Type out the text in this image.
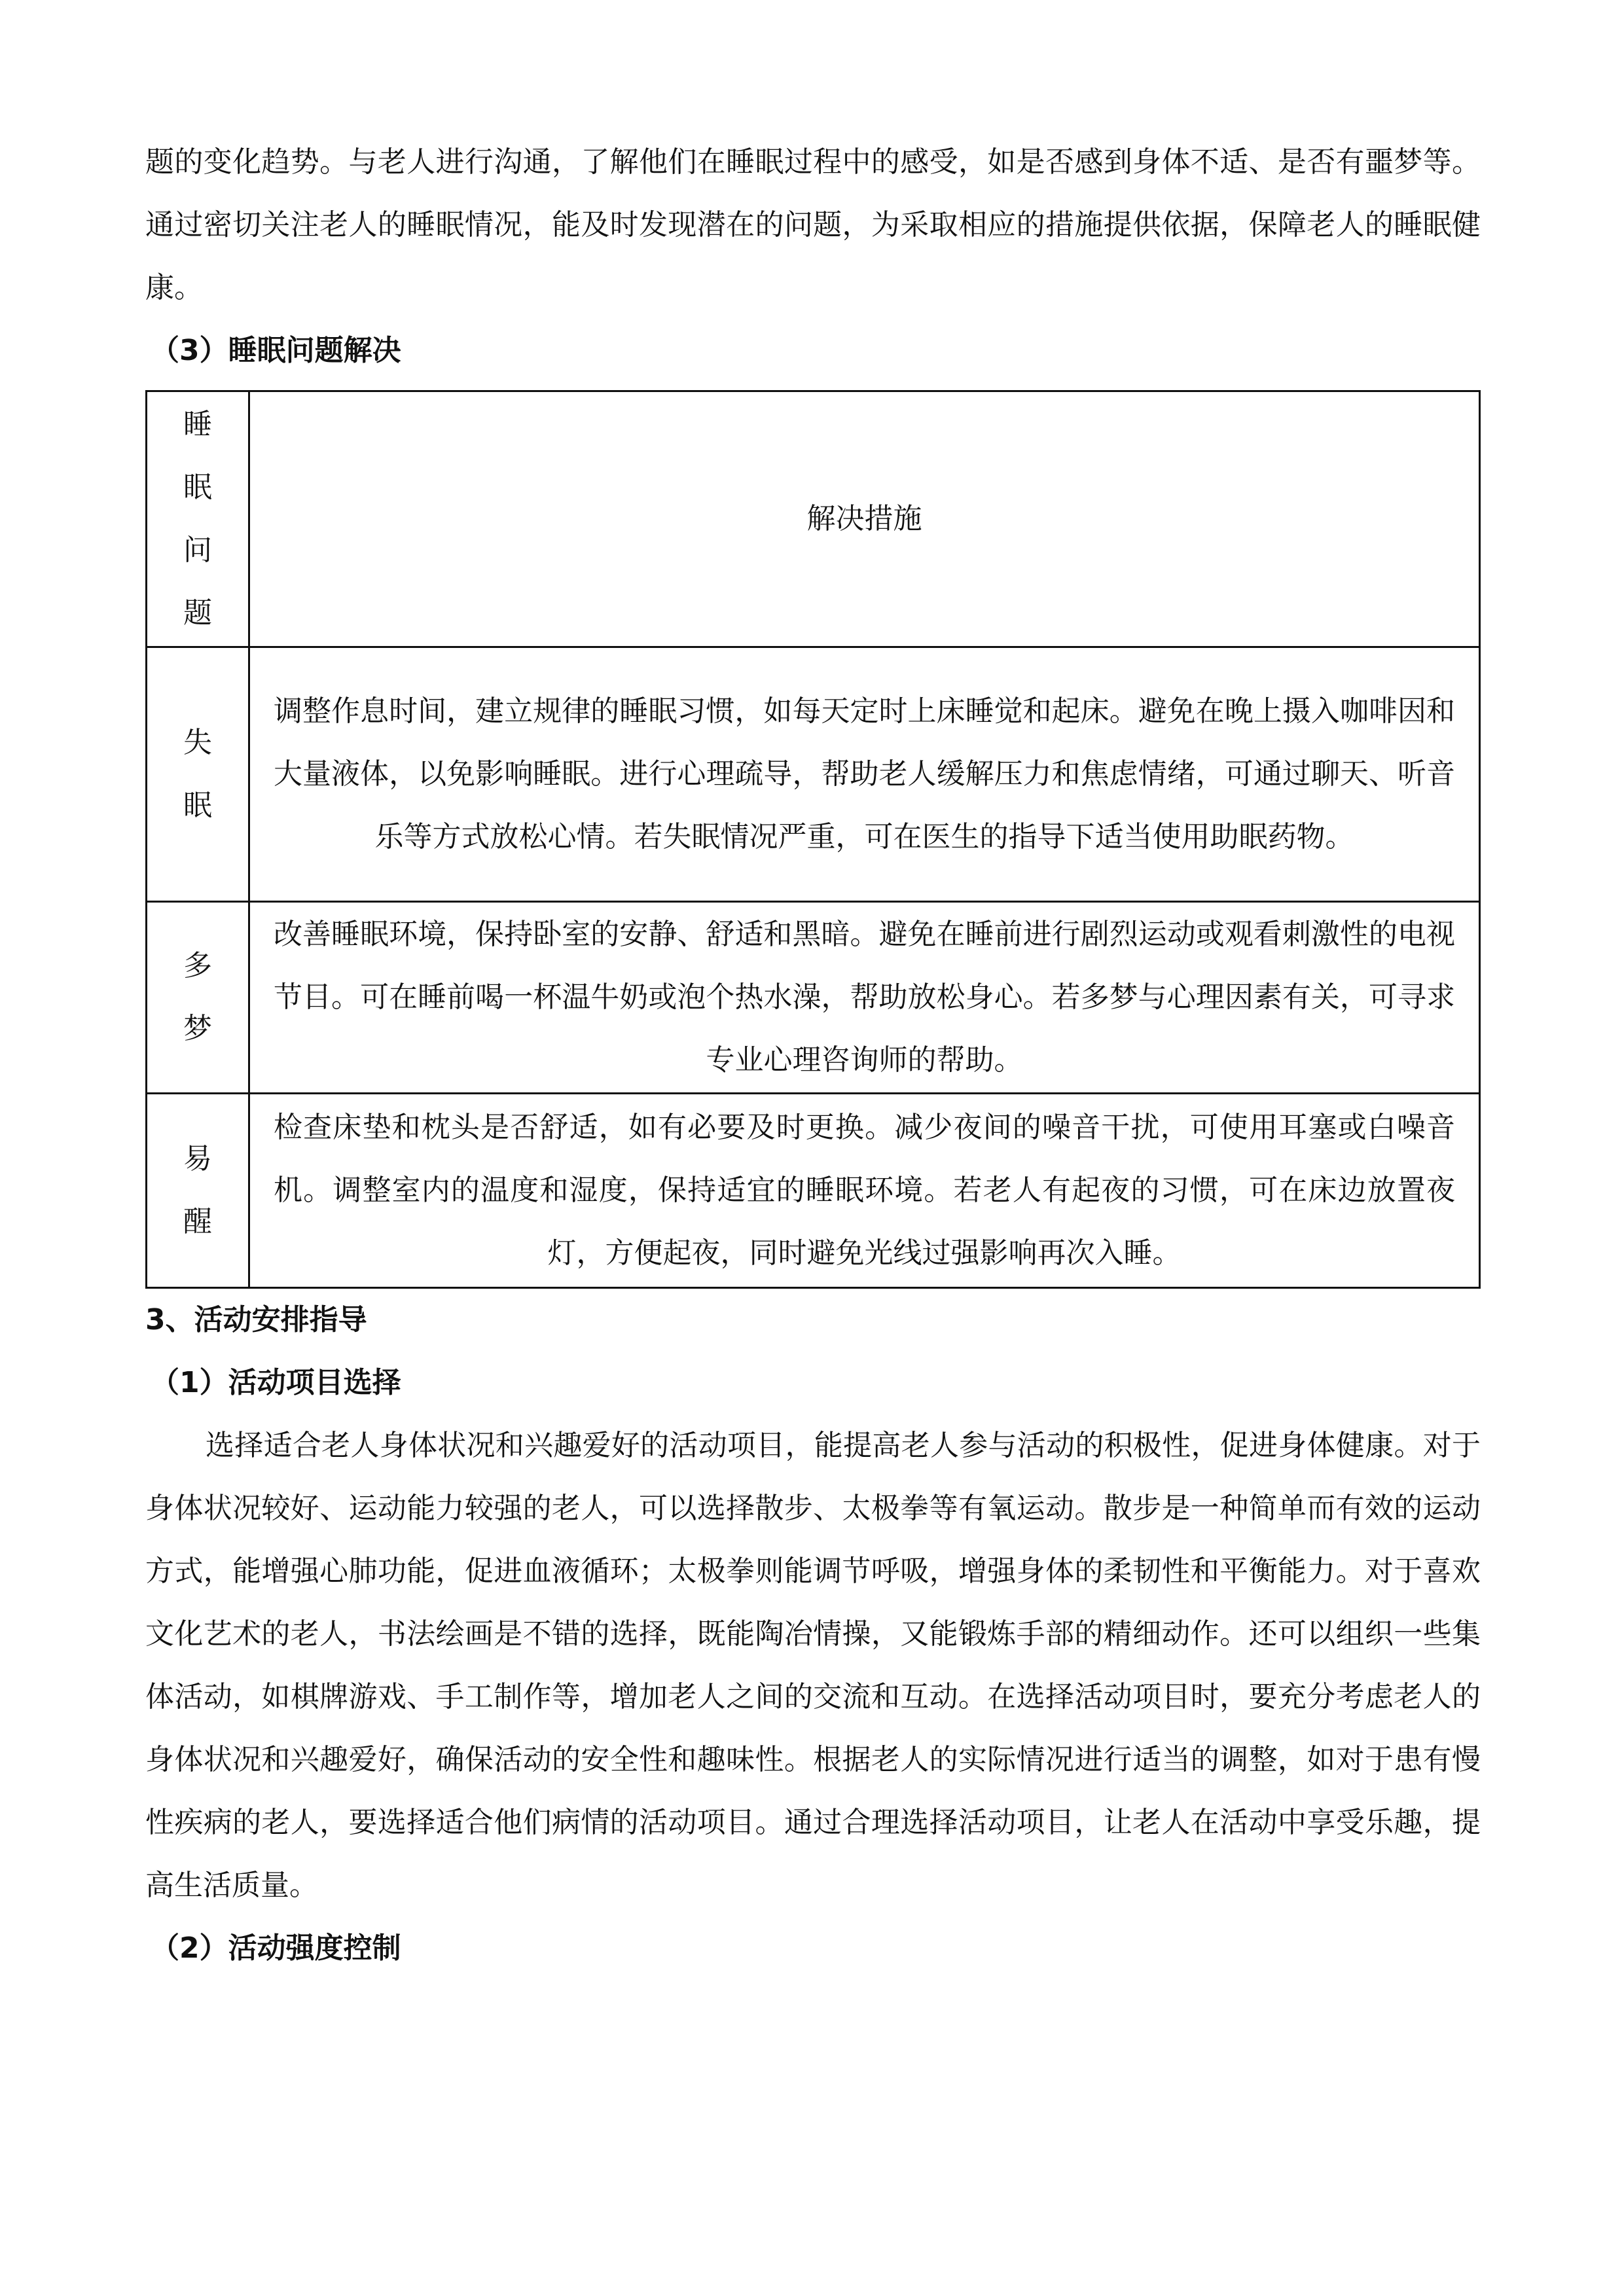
题的变化趋势。与老人进行沟通，了解他们在睡眠过程中的感受，如是否感到身体不适、是否有噩梦等。通过密切关注老人的睡眠情况，能及时发现潜在的问题，为采取相应的措施提供依据，保障老人的睡眠健康。

（3）睡眠问题解决

睡
眠
问
题	解决措施

失
眠	调整作息时间，建立规律的睡眠习惯，如每天定时上床睡觉和起床。避免在晚上摄入咖啡因和大量液体，以免影响睡眠。进行心理疏导，帮助老人缓解压力和焦虑情绪，可通过聊天、听音乐等方式放松心情。若失眠情况严重，可在医生的指导下适当使用助眠药物。

多
梦	改善睡眠环境，保持卧室的安静、舒适和黑暗。避免在睡前进行剧烈运动或观看刺激性的电视节目。可在睡前喝一杯温牛奶或泡个热水澡，帮助放松身心。若多梦与心理因素有关，可寻求专业心理咨询师的帮助。

易
醒	检查床垫和枕头是否舒适，如有必要及时更换。减少夜间的噪音干扰，可使用耳塞或白噪音机。调整室内的温度和湿度，保持适宜的睡眠环境。若老人有起夜的习惯，可在床边放置夜灯，方便起夜，同时避免光线过强影响再次入睡。

3、活动安排指导

（1）活动项目选择

选择适合老人身体状况和兴趣爱好的活动项目，能提高老人参与活动的积极性，促进身体健康。对于身体状况较好、运动能力较强的老人，可以选择散步、太极拳等有氧运动。散步是一种简单而有效的运动方式，能增强心肺功能，促进血液循环；太极拳则能调节呼吸，增强身体的柔韧性和平衡能力。对于喜欢文化艺术的老人，书法绘画是不错的选择，既能陶冶情操，又能锻炼手部的精细动作。还可以组织一些集体活动，如棋牌游戏、手工制作等，增加老人之间的交流和互动。在选择活动项目时，要充分考虑老人的身体状况和兴趣爱好，确保活动的安全性和趣味性。根据老人的实际情况进行适当的调整，如对于患有慢性疾病的老人，要选择适合他们病情的活动项目。通过合理选择活动项目，让老人在活动中享受乐趣，提高生活质量。

（2）活动强度控制
